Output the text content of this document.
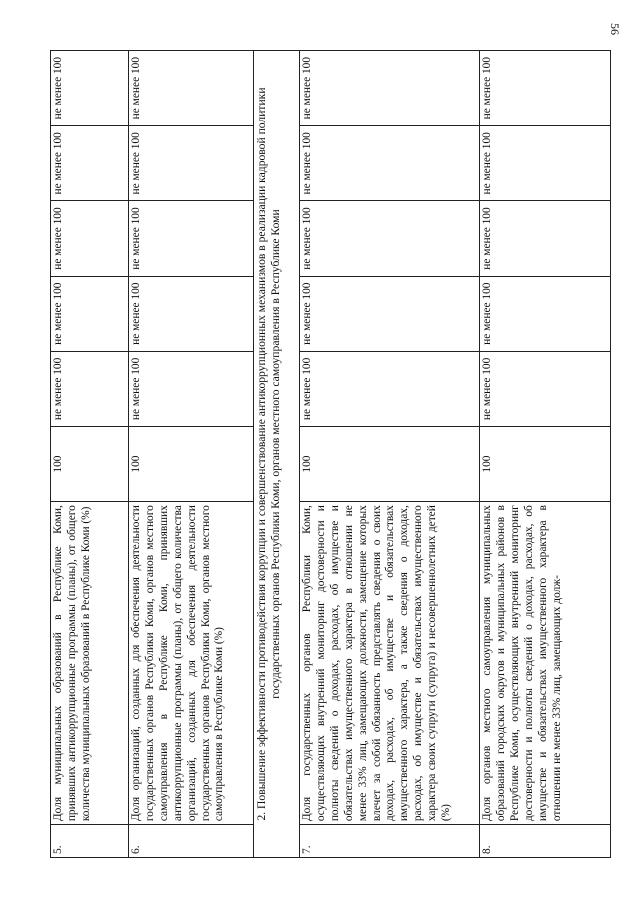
56
5.	Доля муниципальных образований в Республике Коми, принявших антикоррупционные программы (планы), от общего количества муниципальных образований в Республике Коми (%)	100	не менее 100	не менее 100	не менее 100	не менее 100	не менее 100
6.	Доля организаций, созданных для обеспечения деятельности государственных органов Республики Коми, органов местного самоуправления в Республике Коми, принявших антикоррупционные программы (планы), от общего количества организаций, созданных для обеспечения деятельности государственных органов Республики Коми, органов местного самоуправления в Республике Коми (%)	100	не менее 100	не менее 100	не менее 100	не менее 100	не менее 100
2. Повышение эффективности противодействия коррупции и совершенствование антикоррупционных механизмов в реализации кадровой политики государственных органов Республики Коми, органов местного самоуправления в Республике Коми							
7.	Доля государственных органов Республики Коми, осуществляющих внутренний мониторинг достоверности и полноты сведений о доходах, расходах, об имуществе и обязательствах имущественного характера в отношении не менее 33% лиц, замещающих должности, замещение которых влечет за собой обязанность представлять сведения о своих доходах, расходах, об имуществе и обязательствах имущественного характера, а также сведения о доходах, расходах, об имуществе и обязательствах имущественного характера своих супруги (супруга) и несовершеннолетних детей (%)	100	не менее 100	не менее 100	не менее 100	не менее 100	не менее 100
8.	Доля органов местного самоуправления муниципальных образований городских округов и муниципальных районов в Республике Коми, осуществляющих внутренний мониторинг достоверности и полноты сведений о доходах, расходах, об имуществе и обязательствах имущественного характера в отношении не менее 33% лиц, замещающих долж-	100	не менее 100	не менее 100	не менее 100	не менее 100	не менее 100
